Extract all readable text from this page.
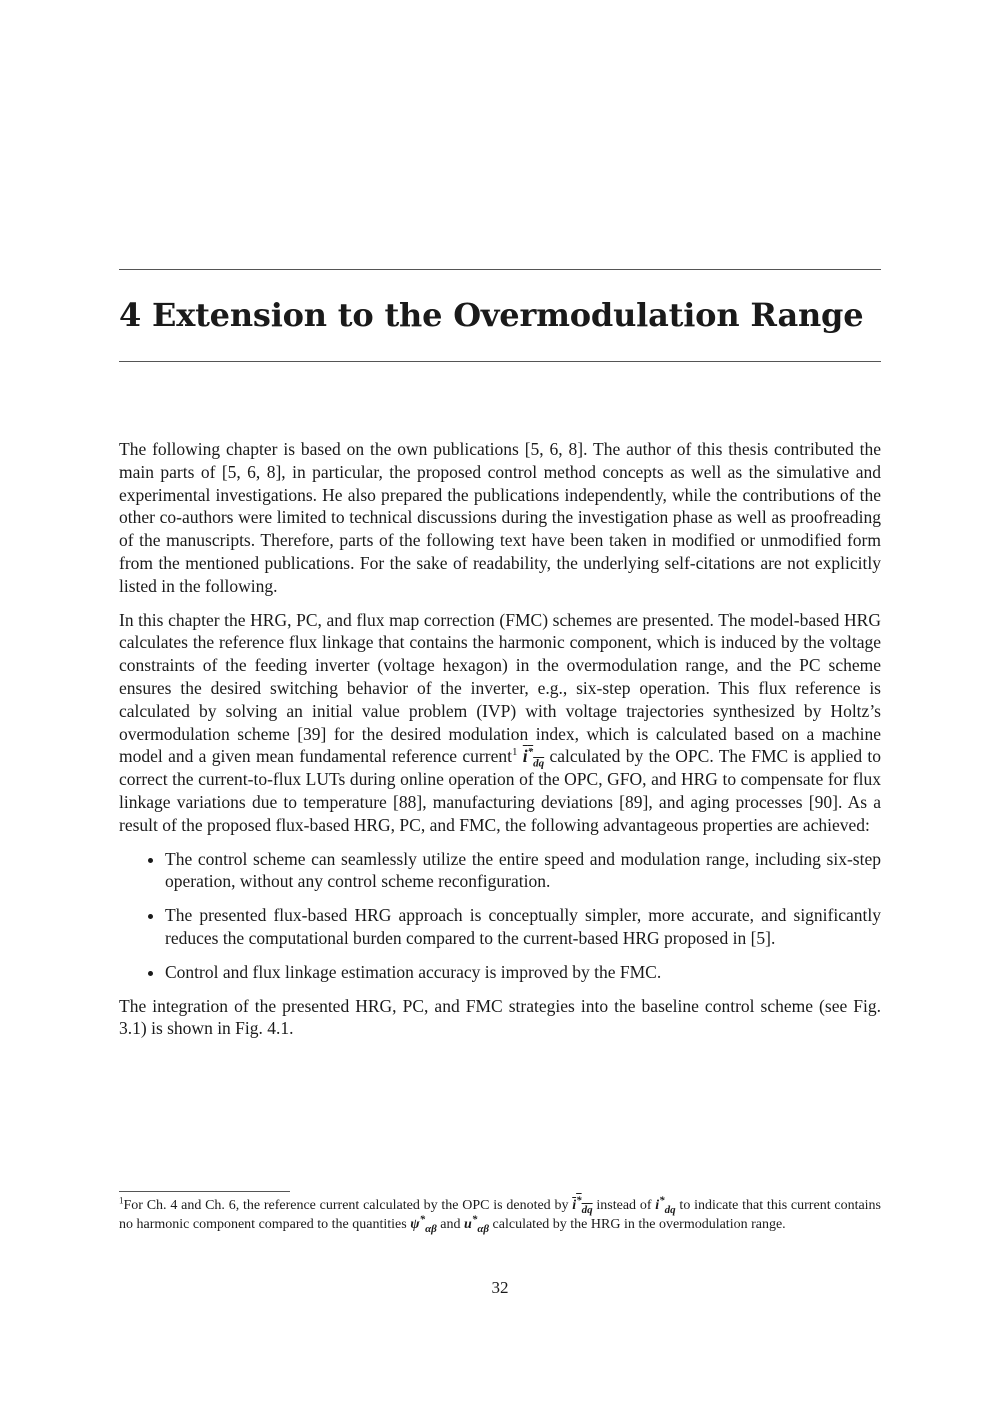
4 Extension to the Overmodulation Range

The following chapter is based on the own publications [5, 6, 8]. The author of this thesis contributed the main parts of [5, 6, 8], in particular, the proposed control method concepts as well as the simulative and experimental investigations. He also prepared the publications independently, while the contributions of the other co-authors were limited to technical discussions during the investigation phase as well as proofreading of the manuscripts. Therefore, parts of the following text have been taken in modified or unmodified form from the mentioned publications. For the sake of readability, the underlying self-citations are not explicitly listed in the following.

In this chapter the HRG, PC, and flux map correction (FMC) schemes are presented. The model-based HRG calculates the reference flux linkage that contains the harmonic component, which is induced by the voltage constraints of the feeding inverter (voltage hexagon) in the overmodulation range, and the PC scheme ensures the desired switching behavior of the inverter, e.g., six-step operation. This flux reference is calculated by solving an initial value problem (IVP) with voltage trajectories synthesized by Holtz’s overmodulation scheme [39] for the desired modulation index, which is calculated based on a machine model and a given mean fundamental reference current$^1$ $i^*_{dq}$ calculated by the OPC. The FMC is applied to correct the current-to-flux LUTs during online operation of the OPC, GFO, and HRG to compensate for flux linkage variations due to temperature [88], manufacturing deviations [89], and aging processes [90]. As a result of the proposed flux-based HRG, PC, and FMC, the following advantageous properties are achieved:

• The control scheme can seamlessly utilize the entire speed and modulation range, including six-step operation, without any control scheme reconfiguration.
• The presented flux-based HRG approach is conceptually simpler, more accurate, and significantly reduces the computational burden compared to the current-based HRG proposed in [5].
• Control and flux linkage estimation accuracy is improved by the FMC.

The integration of the presented HRG, PC, and FMC strategies into the baseline control scheme (see Fig. 3.1) is shown in Fig. 4.1.

$^1$For Ch. 4 and Ch. 6, the reference current calculated by the OPC is denoted by $i^*_{dq}$ instead of $i^*_{dq}$ to indicate that this current contains no harmonic component compared to the quantities $\psi^*_{\alpha\beta}$ and $u^*_{\alpha\beta}$ calculated by the HRG in the overmodulation range.
32
